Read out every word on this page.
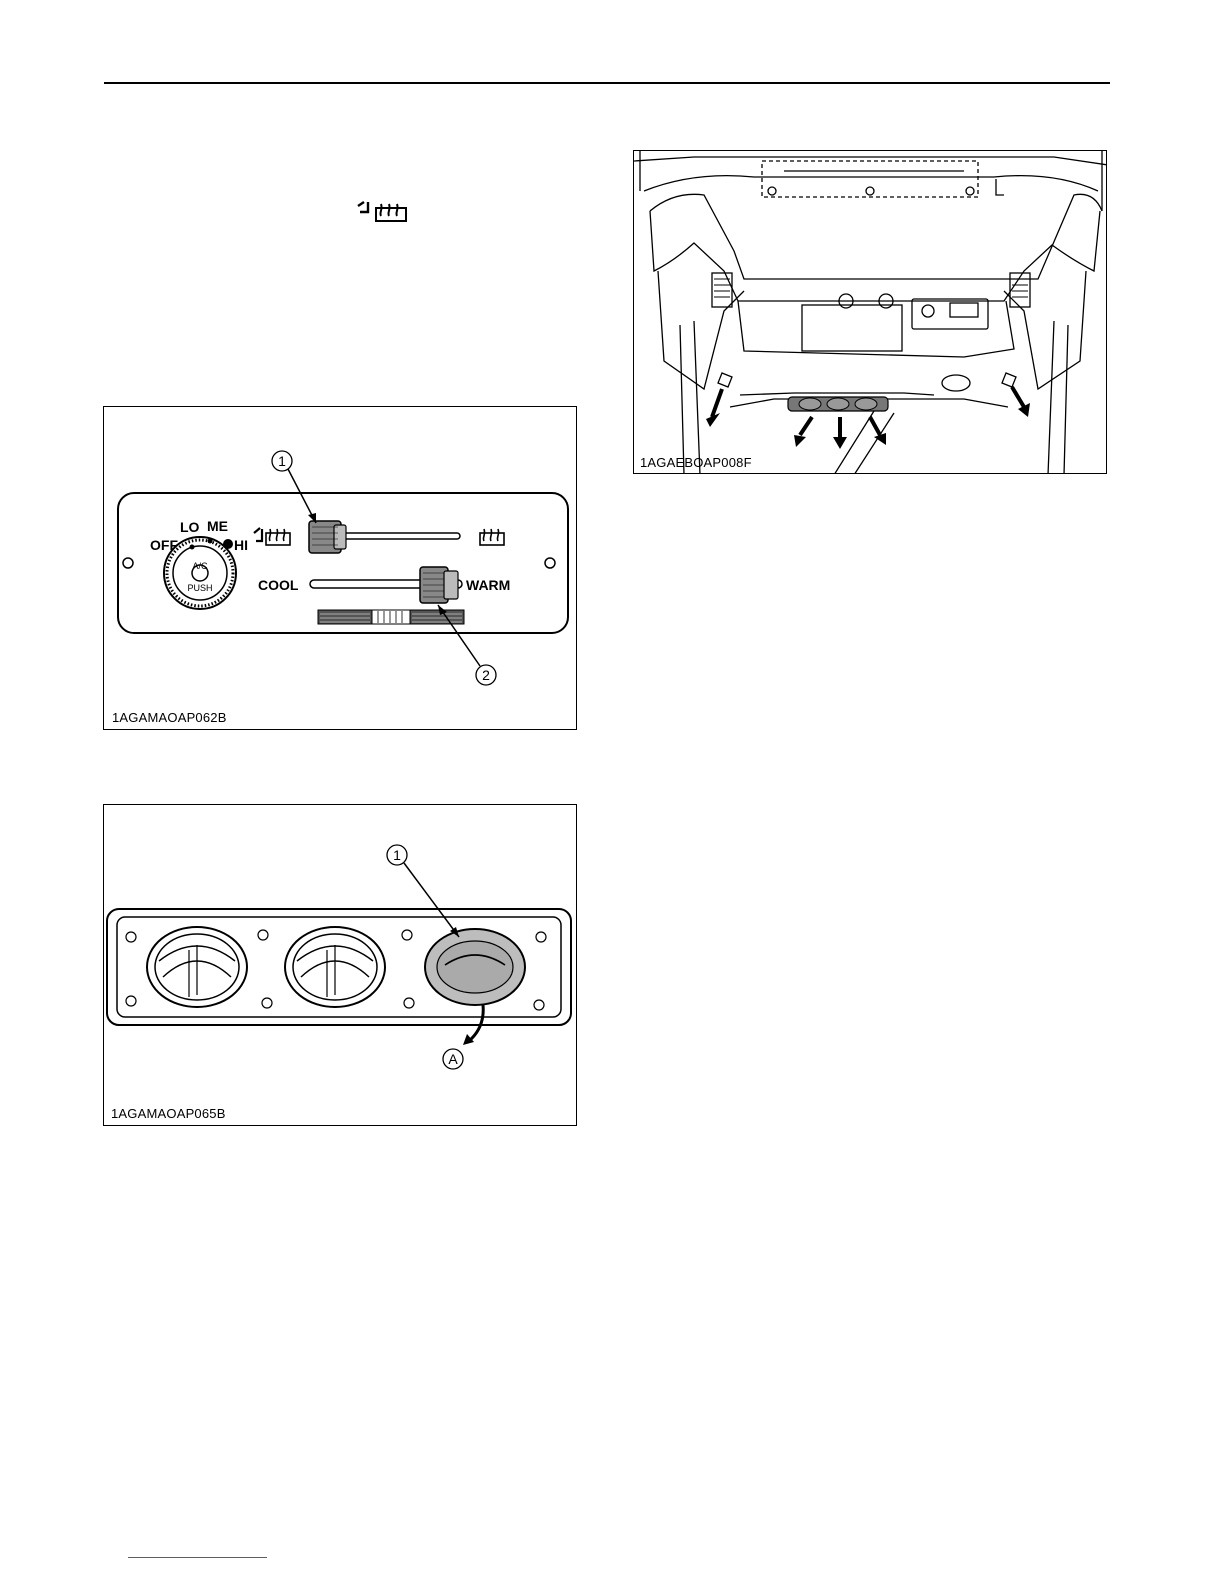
1
2
OFF
LO ME
HI
A/C
PUSH	COOL	WARM
1AGAMAOAP062B
1
A
1AGAMAOAP065B
1AGAEBOAP008F
